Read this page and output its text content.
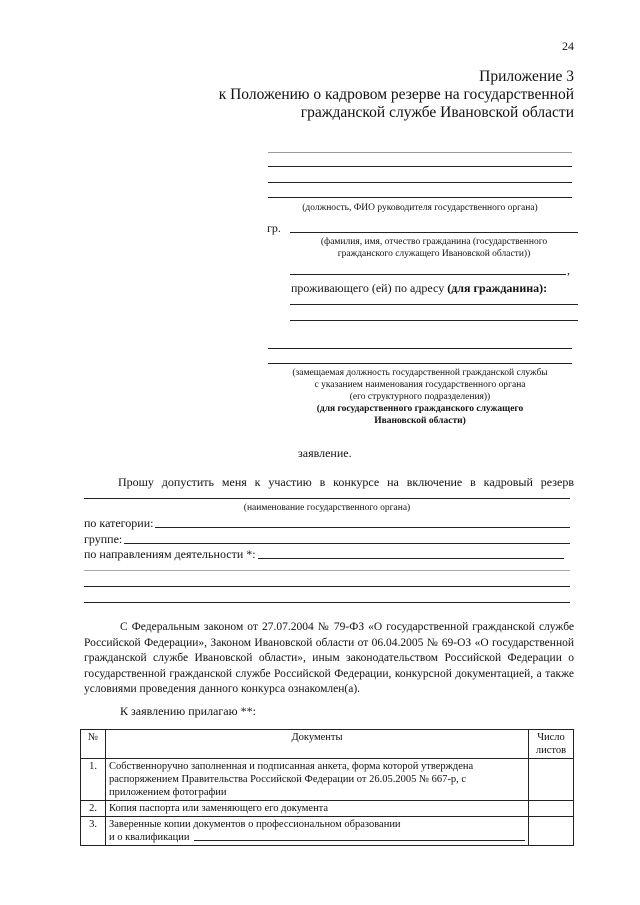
24
Приложение 3
к Положению о кадровом резерве на государственной
гражданской службе Ивановской области
(должность, ФИО руководителя государственного органа)
гр.
(фамилия, имя, отчество гражданина (государственного
гражданского служащего Ивановской области))
,
проживающего (ей) по адресу (для гражданина):
(замещаемая должность государственной гражданской службы
с указанием наименования государственного органа
(его структурного подразделения))
(для государственного гражданского служащего
Ивановской области)
заявление.
Прошу допустить меня к участию в конкурсе на включение в кадровый резерв
(наименование государственного органа)
по категории:
группе:
по направлениям деятельности *:
С Федеральным законом от 27.07.2004 № 79-ФЗ «О государственной гражданской службе Российской Федерации», Законом Ивановской области от 06.04.2005 № 69-ОЗ «О государственной гражданской службе Ивановской области», иным законодательством Российской Федерации о государственной гражданской службе Российской Федерации, конкурсной документацией, а также условиями проведения данного конкурса ознакомлен(а).
К заявлению прилагаю **:
№	Документы	Число листов
1.	Собственноручно заполненная и подписанная анкета, форма которой утверждена распоряжением Правительства Российской Федерации от 26.05.2005 № 667-р, с приложением фотографии	
2.	Копия паспорта или заменяющего его документа	
3.	Заверенные копии документов о профессиональном образовании
и о квалификации	
